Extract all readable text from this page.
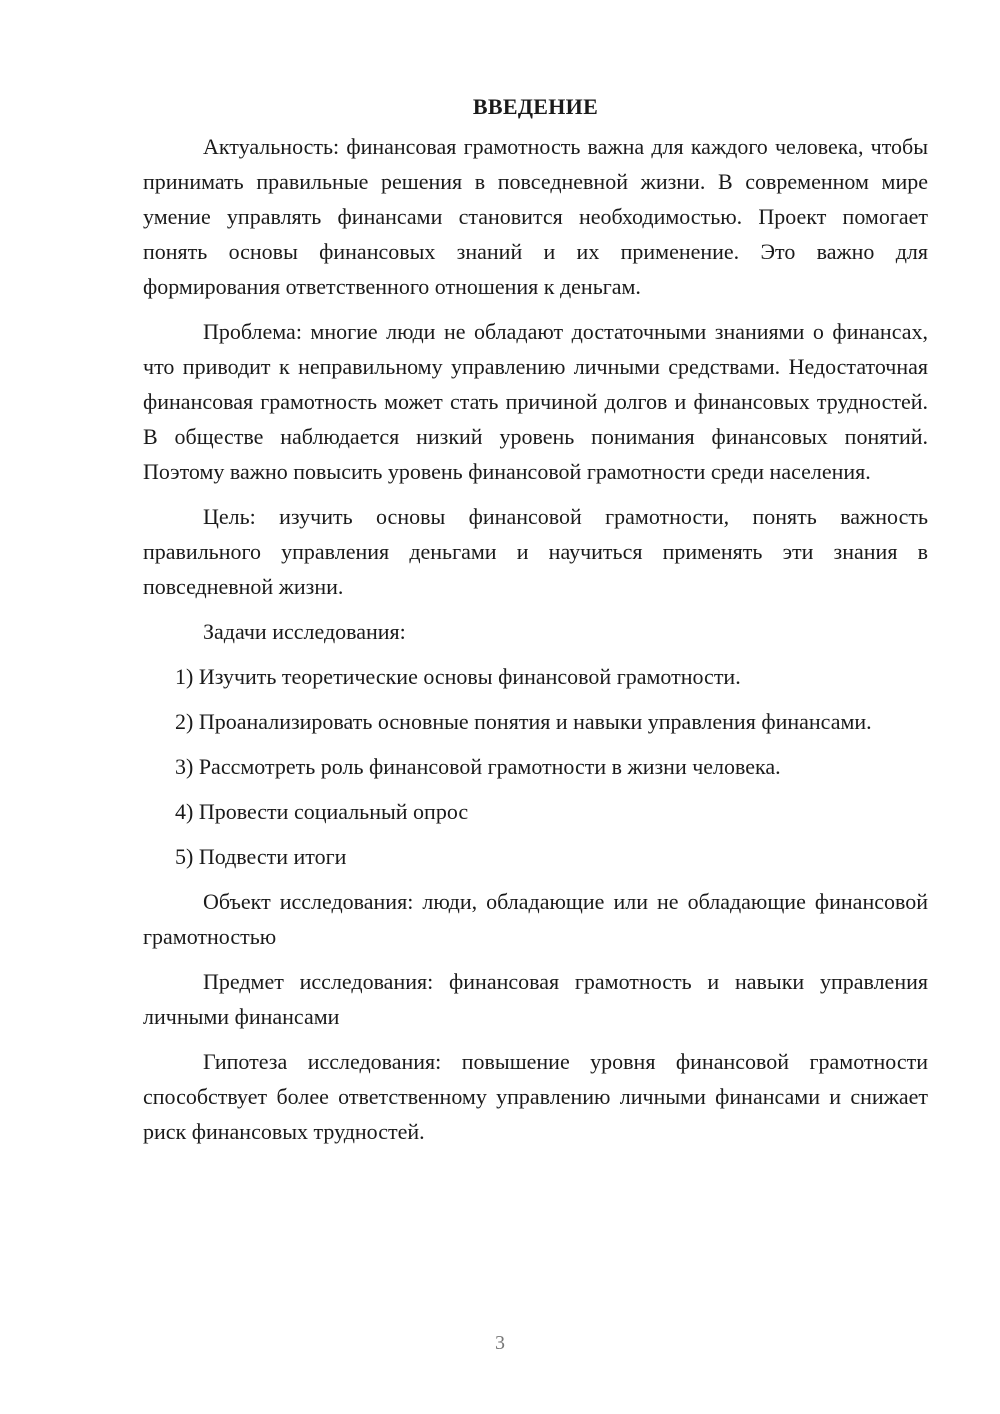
ВВЕДЕНИЕ

Актуальность: финансовая грамотность важна для каждого человека, чтобы принимать правильные решения в повседневной жизни. В современном мире умение управлять финансами становится необходимостью. Проект помогает понять основы финансовых знаний и их применение. Это важно для формирования ответственного отношения к деньгам.

Проблема: многие люди не обладают достаточными знаниями о финансах, что приводит к неправильному управлению личными средствами. Недостаточная финансовая грамотность может стать причиной долгов и финансовых трудностей. В обществе наблюдается низкий уровень понимания финансовых понятий. Поэтому важно повысить уровень финансовой грамотности среди населения.

Цель: изучить основы финансовой грамотности, понять важность правильного управления деньгами и научиться применять эти знания в повседневной жизни.

Задачи исследования:

1) Изучить теоретические основы финансовой грамотности.

2) Проанализировать основные понятия и навыки управления финансами.

3) Рассмотреть роль финансовой грамотности в жизни человека.

4) Провести социальный опрос

5) Подвести итоги

Объект исследования: люди, обладающие или не обладающие финансовой грамотностью

Предмет исследования: финансовая грамотность и навыки управления личными финансами

Гипотеза исследования: повышение уровня финансовой грамотности способствует более ответственному управлению личными финансами и снижает риск финансовых трудностей.

3
